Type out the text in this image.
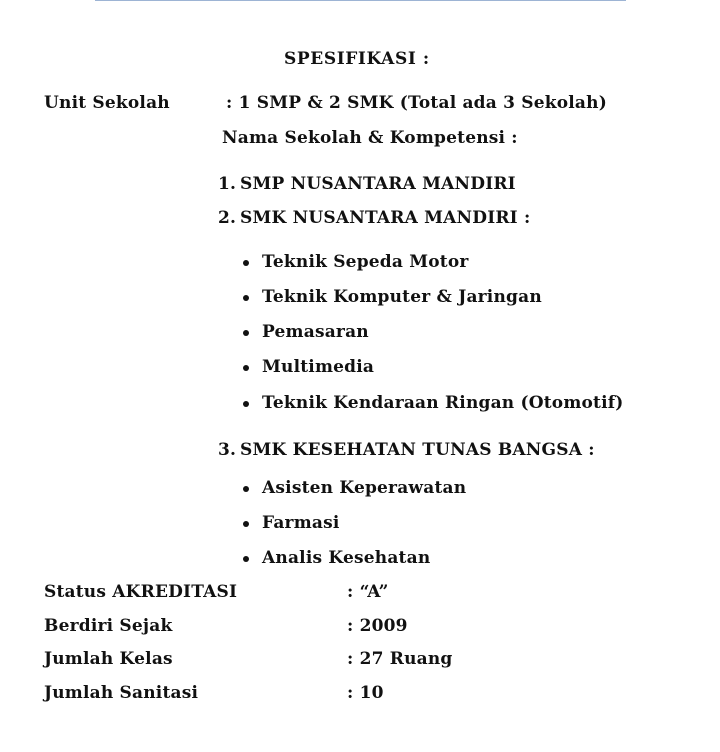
SPESIFIKASI :
Unit Sekolah	: 1 SMP & 2 SMK (Total ada 3 Sekolah)
Nama Sekolah & Kompetensi :
1. SMP NUSANTARA MANDIRI
2. SMK NUSANTARA MANDIRI :
Teknik Sepeda Motor
Teknik Komputer & Jaringan
Pemasaran
Multimedia
Teknik Kendaraan Ringan (Otomotif)
3. SMK KESEHATAN TUNAS BANGSA :
Asisten Keperawatan
Farmasi
Analis Kesehatan
Status AKREDITASI	: “A”
Berdiri Sejak	: 2009
Jumlah Kelas	: 27 Ruang
Jumlah Sanitasi	: 10
